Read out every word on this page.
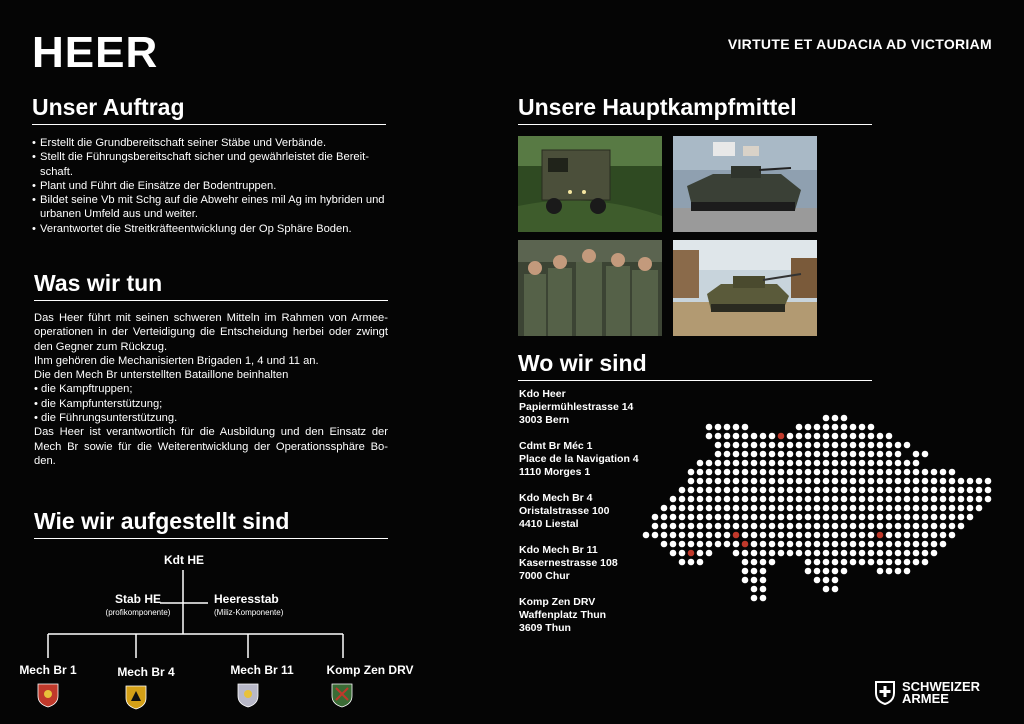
HEER	VIRTUTE ET AUDACIA AD VICTORIAM
Unser Auftrag
• Erstellt die Grundbereitschaft seiner Stäbe und Verbände.
• Stellt die Führungsbereitschaft sicher und gewährleistet die Bereit-schaft.
• Plant und Führt die Einsätze der Bodentruppen.
• Bildet seine Vb mit Schg auf die Abwehr eines mil Ag im hybriden und urbanen Umfeld aus und weiter.
• Verantwortet die Streitkräfteentwicklung der Op Sphäre Boden.
Was wir tun
Das Heer führt mit seinen schweren Mitteln im Rahmen von Armee-operationen in der Verteidigung die Entscheidung herbei oder zwingt den Gegner zum Rückzug.
Ihm gehören die Mechanisierten Brigaden 1, 4 und 11 an.
Die den Mech Br unterstellten Bataillone beinhalten
• die Kampftruppen;
• die Kampfunterstützung;
• die Führungsunterstützung.
Das Heer ist verantwortlich für die Ausbildung und den Einsatz der Mech Br sowie für die Weiterentwicklung der Operationssphäre Bo-den.
Wie wir aufgestellt sind
Kdt HE
Stab HE
(profikomponente)
Heeresstab
(Miliz-Komponente)
Mech Br 1	Mech Br 4	Mech Br 11	Komp Zen DRV
Unsere Hauptkampfmittel
Wo wir sind
Kdo Heer
Papiermühlestrasse 14
3003 Bern
Cdmt Br Méc 1
Place de la Navigation 4
1110 Morges 1
Kdo Mech Br 4
Oristalstrasse 100
4410 Liestal
Kdo Mech Br 11
Kasernestrasse 108
7000 Chur
Komp Zen DRV
Waffenplatz Thun
3609 Thun
SCHWEIZER
ARMEE
